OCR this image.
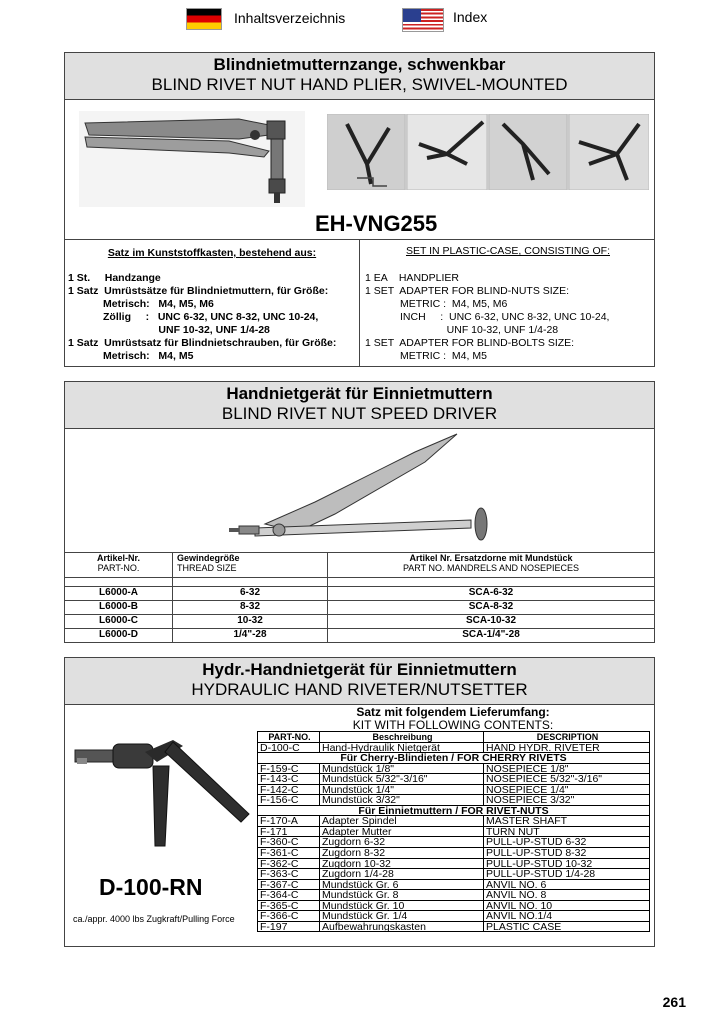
Inhaltsverzeichnis	Index
Blindnietmutternzange, schwenkbar
BLIND RIVET NUT HAND PLIER, SWIVEL-MOUNTED
EH-VNG255
Satz im Kunststoffkasten, bestehend aus:
1 St.     Handzange
1 Satz  Umrüstsätze für Blindnietmuttern, für Größe:
Metrisch:   M4, M5, M6
Zöllig     :   UNC 6-32, UNC 8-32, UNC 10-24,
UNF 10-32, UNF 1/4-28
1 Satz  Umrüstsatz für Blindnietschrauben, für Größe:
Metrisch:   M4, M5
SET IN PLASTIC-CASE, CONSISTING OF:
1 EA    HANDPLIER
1 SET  ADAPTER FOR BLIND-NUTS SIZE:
METRIC :  M4, M5, M6
INCH     :  UNC 6-32, UNC 8-32, UNC 10-24,
UNF 10-32, UNF 1/4-28
1 SET  ADAPTER FOR BLIND-BOLTS SIZE:
METRIC :  M4, M5
Handnietgerät für Einnietmuttern
BLIND RIVET NUT SPEED DRIVER
Artikel-Nr.
PART-NO.
Gewindegröße
THREAD SIZE
Artikel Nr. Ersatzdorne mit Mundstück
PART NO. MANDRELS AND NOSEPIECES
L6000-A	6-32	SCA-6-32
L6000-B	8-32	SCA-8-32
L6000-C	10-32	SCA-10-32
L6000-D	1/4"-28	SCA-1/4"-28
Hydr.-Handnietgerät für Einnietmuttern
HYDRAULIC HAND RIVETER/NUTSETTER
Satz mit folgendem Lieferumfang:
KIT WITH FOLLOWING CONTENTS:
D-100-RN
ca./appr. 4000 lbs Zugkraft/Pulling Force
PART-NO.	Beschreibung	DESCRIPTION
D-100-C	Hand-Hydraulik Nietgerät	HAND HYDR. RIVETER
Für Cherry-Blindieten / FOR CHERRY RIVETS
F-159-C	Mundstück 1/8"	NOSEPIECE 1/8"
F-143-C	Mundstück 5/32"-3/16"	NOSEPIECE 5/32"-3/16"
F-142-C	Mundstück 1/4"	NOSEPIECE 1/4"
F-156-C	Mundstück 3/32"	NOSEPIECE 3/32"
Für Einnietmuttern / FOR RIVET-NUTS
F-170-A	Adapter Spindel	MASTER SHAFT
F-171	Adapter Mutter	TURN NUT
F-360-C	Zugdorn 6-32	PULL-UP-STUD 6-32
F-361-C	Zugdorn 8-32	PULL-UP-STUD 8-32
F-362-C	Zugdorn 10-32	PULL-UP-STUD 10-32
F-363-C	Zugdorn 1/4-28	PULL-UP-STUD 1/4-28
F-367-C	Mundstück Gr. 6	ANVIL NO. 6
F-364-C	Mundstück Gr. 8	ANVIL NO. 8
F-365-C	Mundstück Gr. 10	ANVIL NO. 10
F-366-C	Mundstück Gr. 1/4	ANVIL NO.1/4
F-197	Aufbewahrungskasten	PLASTIC CASE
261
